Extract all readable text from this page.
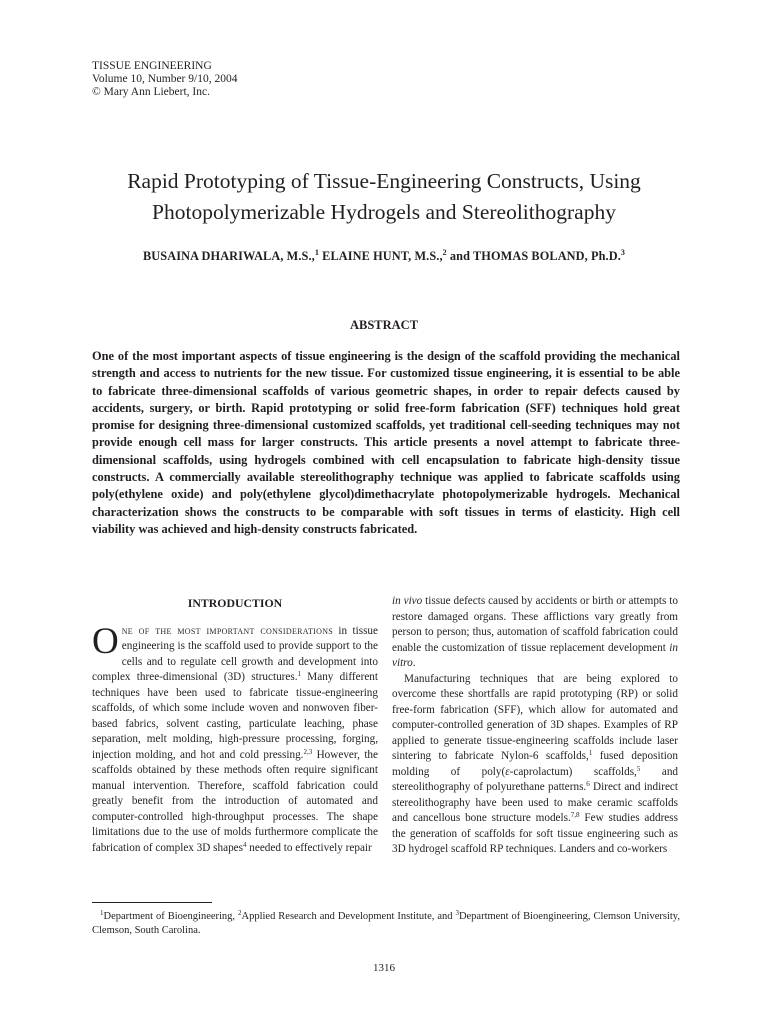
TISSUE ENGINEERING
Volume 10, Number 9/10, 2004
© Mary Ann Liebert, Inc.
Rapid Prototyping of Tissue-Engineering Constructs, Using
Photopolymerizable Hydrogels and Stereolithography
BUSAINA DHARIWALA, M.S.,$^1$ ELAINE HUNT, M.S.,$^2$ and THOMAS BOLAND, Ph.D.$^3$
ABSTRACT

One of the most important aspects of tissue engineering is the design of the scaffold providing the mechanical strength and access to nutrients for the new tissue. For customized tissue engineering, it is essential to be able to fabricate three-dimensional scaffolds of various geometric shapes, in order to repair defects caused by accidents, surgery, or birth. Rapid prototyping or solid free-form fabrication (SFF) techniques hold great promise for designing three-dimensional customized scaffolds, yet traditional cell-seeding techniques may not provide enough cell mass for larger constructs. This article presents a novel attempt to fabricate three-dimensional scaffolds, using hydrogels combined with cell encapsulation to fabricate high-density tissue constructs. A commercially available stereolithography technique was applied to fabricate scaffolds using poly(ethylene oxide) and poly(ethylene glycol)dimethacrylate photopolymerizable hydrogels. Mechanical characterization shows the constructs to be comparable with soft tissues in terms of elasticity. High cell viability was achieved and high-density constructs fabricated.

INTRODUCTION

One of the most important considerations in tissue engineering is the scaffold used to provide support to the cells and to regulate cell growth and development into complex three-dimensional (3D) structures.$^1$ Many different techniques have been used to fabricate tissue-engineering scaffolds, of which some include woven and nonwoven fiber-based fabrics, solvent casting, particulate leaching, phase separation, melt molding, high-pressure processing, forging, injection molding, and hot and cold pressing.$^{2,3}$ However, the scaffolds obtained by these methods often require significant manual intervention. Therefore, scaffold fabrication could greatly benefit from the introduction of automated and computer-controlled high-throughput processes. The shape limitations due to the use of molds furthermore complicate the fabrication of complex 3D shapes$^4$ needed to effectively repair

in vivo tissue defects caused by accidents or birth or attempts to restore damaged organs. These afflictions vary greatly from person to person; thus, automation of scaffold fabrication could enable the customization of tissue replacement development in vitro.

Manufacturing techniques that are being explored to overcome these shortfalls are rapid prototyping (RP) or solid free-form fabrication (SFF), which allow for automated and computer-controlled generation of 3D shapes. Examples of RP applied to generate tissue-engineering scaffolds include laser sintering to fabricate Nylon-6 scaffolds,$^1$ fused deposition molding of poly(ε-caprolactum) scaffolds,$^5$ and stereolithography of polyurethane patterns.$^6$ Direct and indirect stereolithography have been used to make ceramic scaffolds and cancellous bone structure models.$^{7,8}$ Few studies address the generation of scaffolds for soft tissue engineering such as 3D hydrogel scaffold RP techniques. Landers and co-workers

$^1$Department of Bioengineering, $^2$Applied Research and Development Institute, and $^3$Department of Bioengineering, Clemson University, Clemson, South Carolina.

1316
